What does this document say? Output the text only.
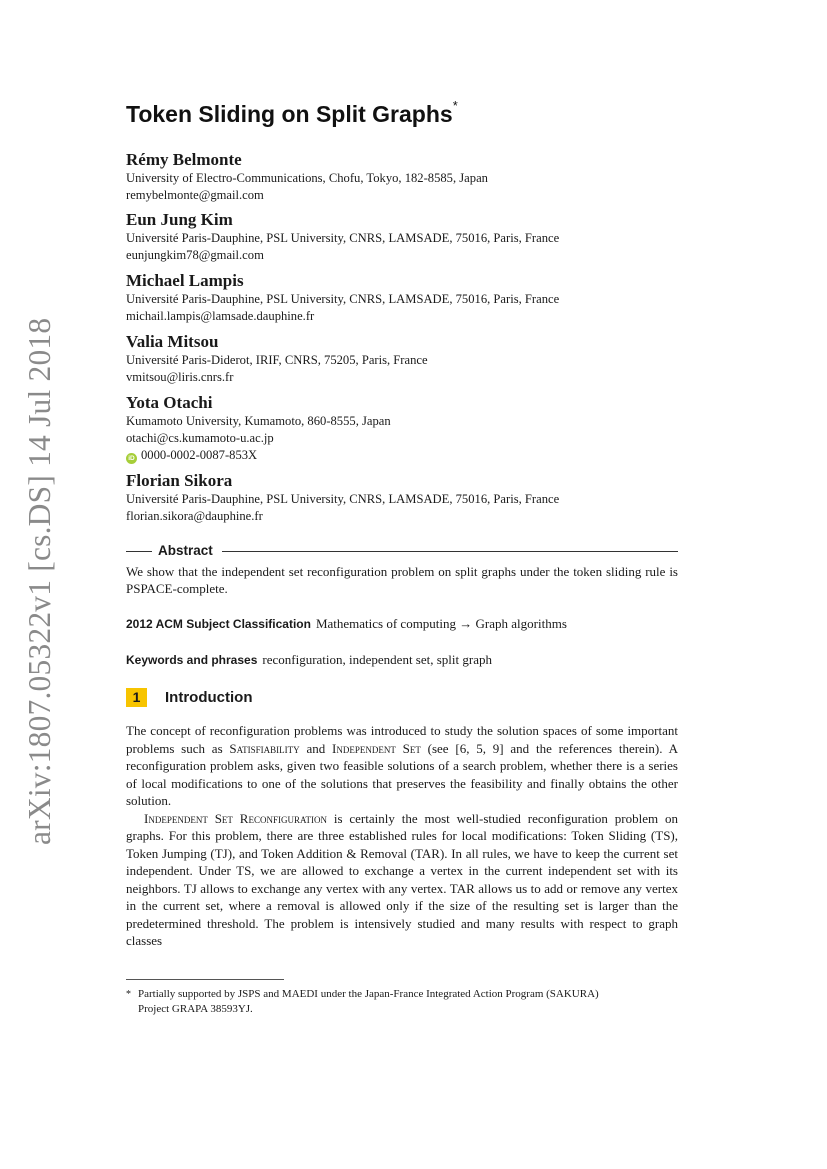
arXiv:1807.05322v1 [cs.DS] 14 Jul 2018
Token Sliding on Split Graphs*
Rémy Belmonte
University of Electro-Communications, Chofu, Tokyo, 182-8585, Japan
remybelmonte@gmail.com
Eun Jung Kim
Université Paris-Dauphine, PSL University, CNRS, LAMSADE, 75016, Paris, France
eunjungkim78@gmail.com
Michael Lampis
Université Paris-Dauphine, PSL University, CNRS, LAMSADE, 75016, Paris, France
michail.lampis@lamsade.dauphine.fr
Valia Mitsou
Université Paris-Diderot, IRIF, CNRS, 75205, Paris, France
vmitsou@liris.cnrs.fr
Yota Otachi
Kumamoto University, Kumamoto, 860-8555, Japan
otachi@cs.kumamoto-u.ac.jp
iD 0000-0002-0087-853X
Florian Sikora
Université Paris-Dauphine, PSL University, CNRS, LAMSADE, 75016, Paris, France
florian.sikora@dauphine.fr
Abstract
We show that the independent set reconfiguration problem on split graphs under the token sliding rule is PSPACE-complete.
2012 ACM Subject Classification Mathematics of computing → Graph algorithms
Keywords and phrases reconfiguration, independent set, split graph
1 Introduction

The concept of reconfiguration problems was introduced to study the solution spaces of some important problems such as Satisfiability and Independent Set (see [6, 5, 9] and the references therein). A reconfiguration problem asks, given two feasible solutions of a search problem, whether there is a series of local modifications to one of the solutions that preserves the feasibility and finally obtains the other solution.

Independent Set Reconfiguration is certainly the most well-studied reconfiguration problem on graphs. For this problem, there are three established rules for local modifications: Token Sliding (TS), Token Jumping (TJ), and Token Addition & Removal (TAR). In all rules, we have to keep the current set independent. Under TS, we are allowed to exchange a vertex in the current independent set with its neighbors. TJ allows to exchange any vertex with any vertex. TAR allows us to add or remove any vertex in the current set, where a removal is allowed only if the size of the resulting set is larger than the predetermined threshold. The problem is intensively studied and many results with respect to graph classes

* Partially supported by JSPS and MAEDI under the Japan-France Integrated Action Program (SAKURA)
Project GRAPA 38593YJ.
